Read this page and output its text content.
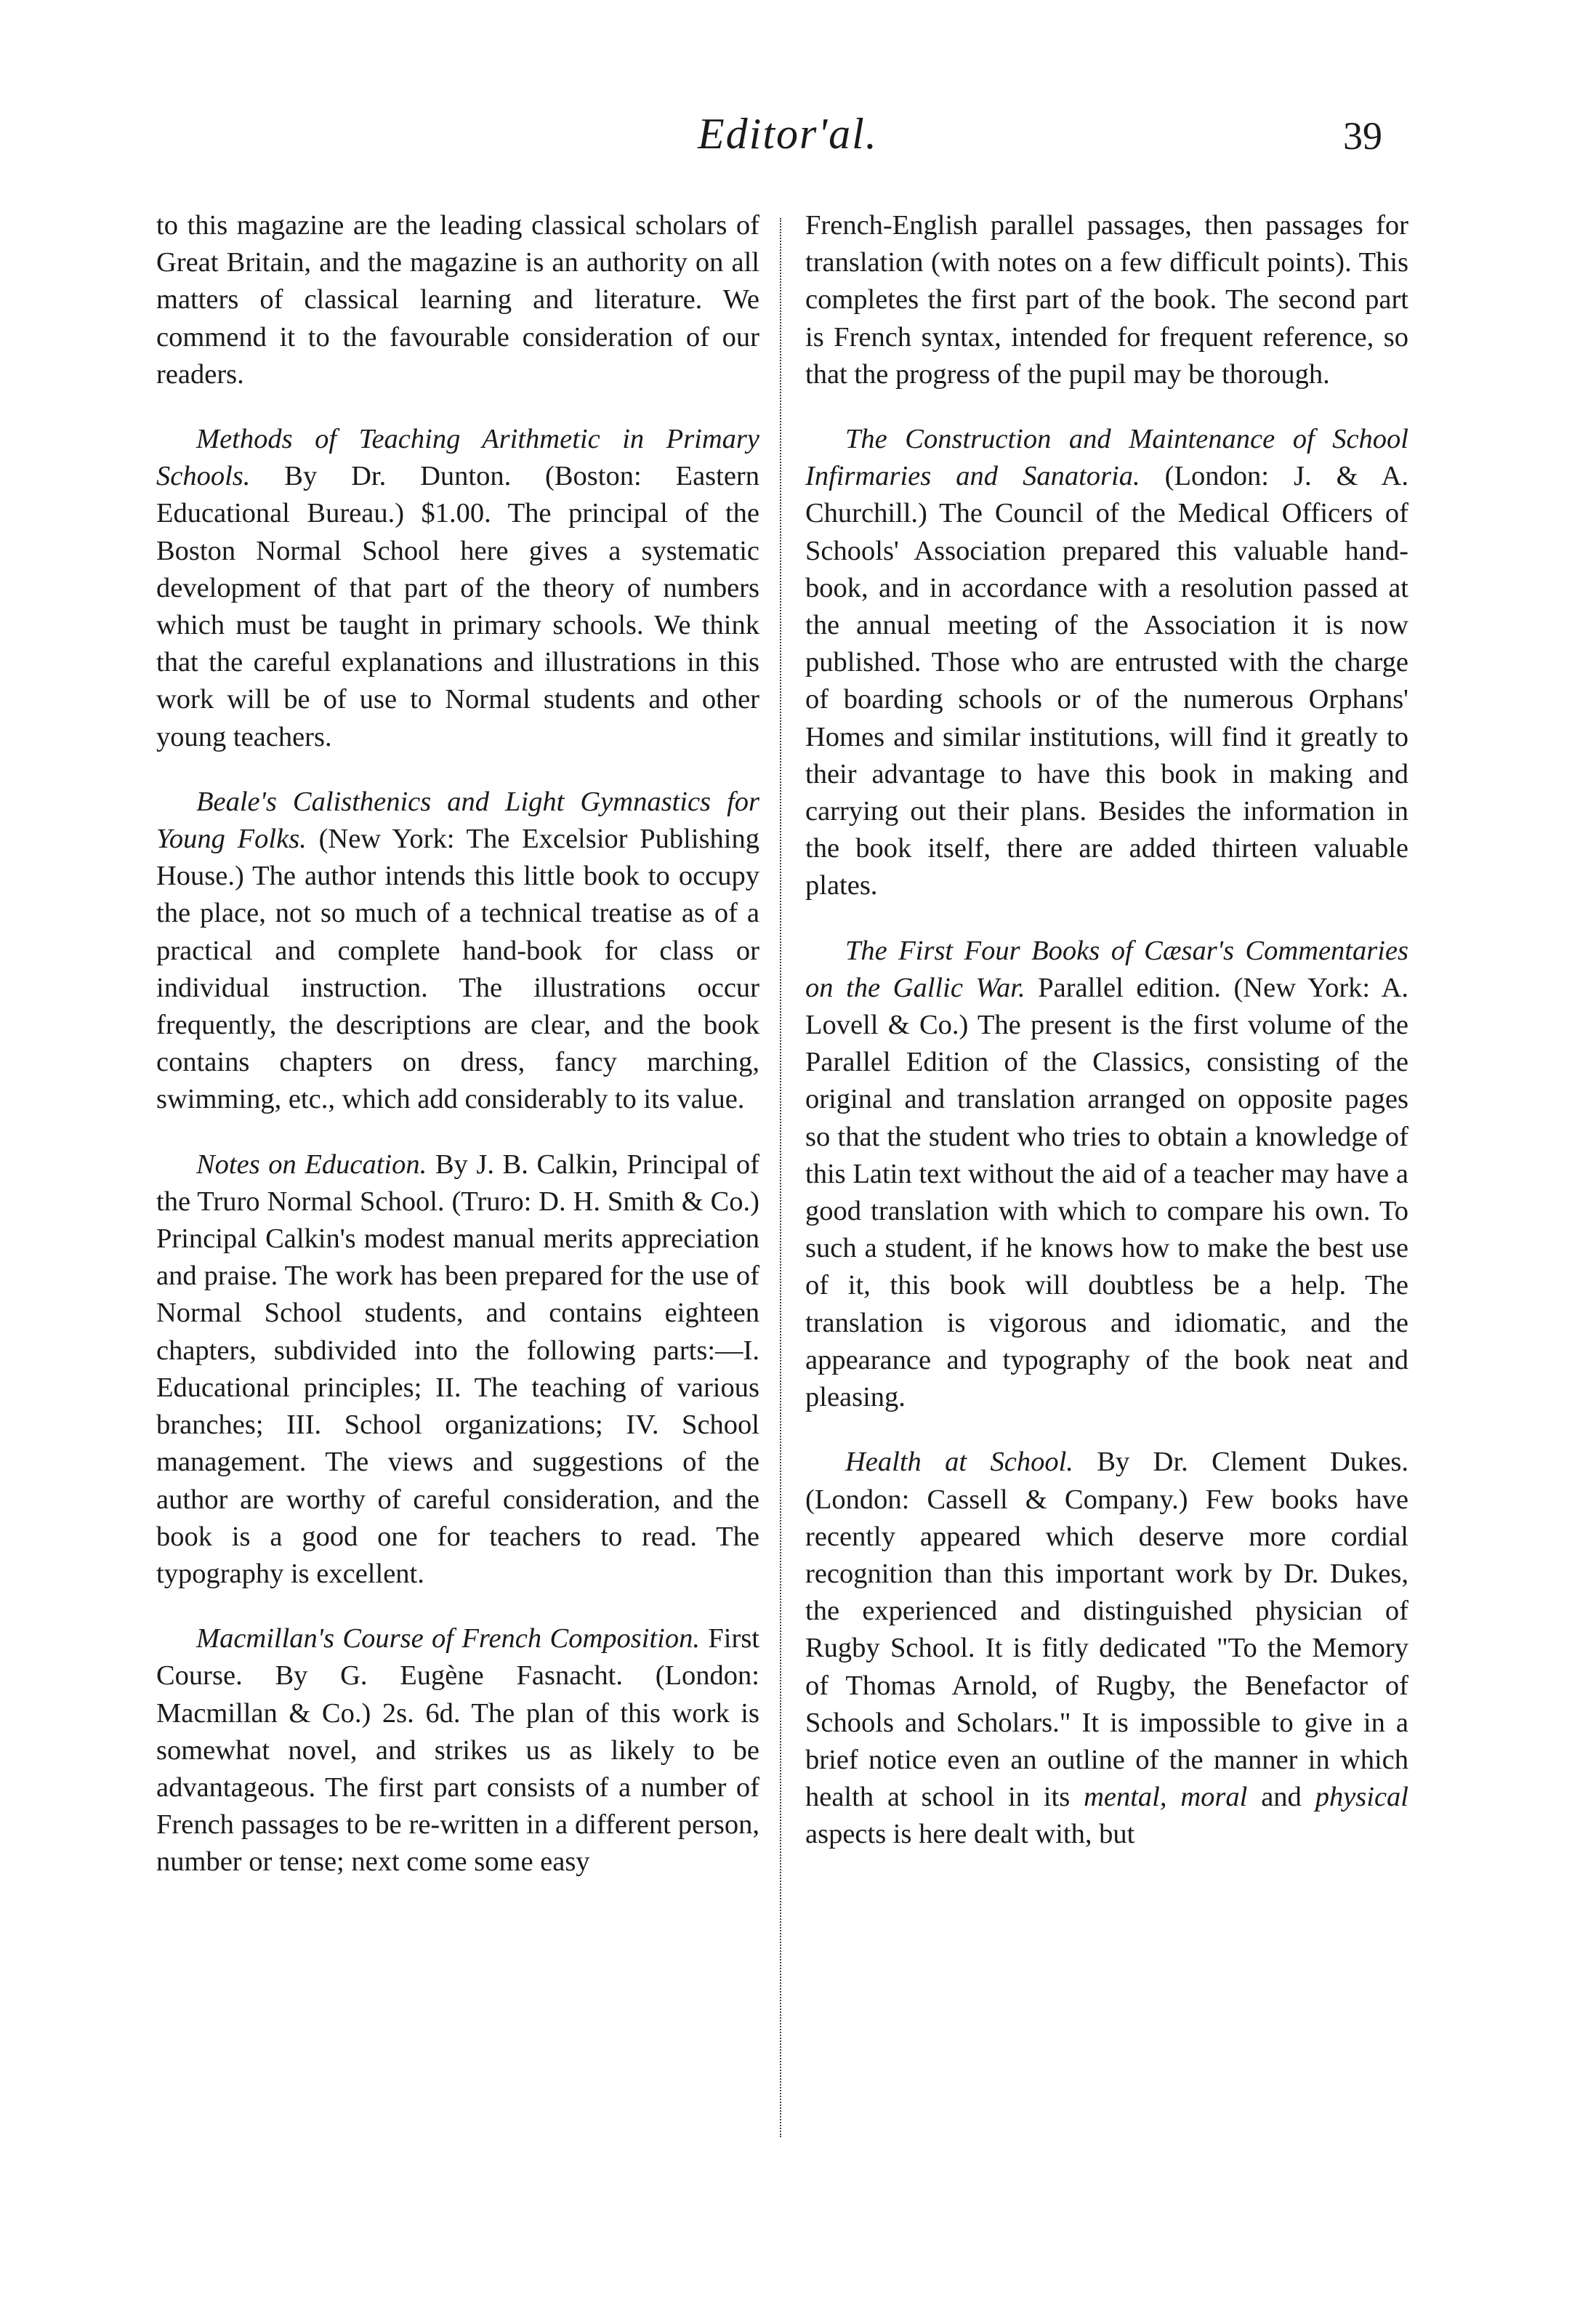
Editor'al.	39

to this magazine are the leading classical scholars of Great Britain, and the magazine is an authority on all matters of classical learning and literature. We commend it to the favourable consideration of our readers.

Methods of Teaching Arithmetic in Primary Schools. By Dr. Dunton. (Boston: Eastern Educational Bureau.) $1.00. The principal of the Boston Normal School here gives a systematic development of that part of the theory of numbers which must be taught in primary schools. We think that the careful explanations and illustrations in this work will be of use to Normal students and other young teachers.

Beale's Calisthenics and Light Gymnastics for Young Folks. (New York: The Excelsior Publishing House.) The author intends this little book to occupy the place, not so much of a technical treatise as of a practical and complete hand-book for class or individual instruction. The illustrations occur frequently, the descriptions are clear, and the book contains chapters on dress, fancy marching, swimming, etc., which add considerably to its value.

Notes on Education. By J. B. Calkin, Principal of the Truro Normal School. (Truro: D. H. Smith & Co.) Principal Calkin's modest manual merits appreciation and praise. The work has been prepared for the use of Normal School students, and contains eighteen chapters, subdivided into the following parts:—I. Educational principles; II. The teaching of various branches; III. School organizations; IV. School management. The views and suggestions of the author are worthy of careful consideration, and the book is a good one for teachers to read. The typography is excellent.

Macmillan's Course of French Composition. First Course. By G. Eugène Fasnacht. (London: Macmillan & Co.) 2s. 6d. The plan of this work is somewhat novel, and strikes us as likely to be advantageous. The first part consists of a number of French passages to be re-written in a different person, number or tense; next come some easy

French-English parallel passages, then passages for translation (with notes on a few difficult points). This completes the first part of the book. The second part is French syntax, intended for frequent reference, so that the progress of the pupil may be thorough.

The Construction and Maintenance of School Infirmaries and Sanatoria. (London: J. & A. Churchill.) The Council of the Medical Officers of Schools' Association prepared this valuable hand-book, and in accordance with a resolution passed at the annual meeting of the Association it is now published. Those who are entrusted with the charge of boarding schools or of the numerous Orphans' Homes and similar institutions, will find it greatly to their advantage to have this book in making and carrying out their plans. Besides the information in the book itself, there are added thirteen valuable plates.

The First Four Books of Cæsar's Commentaries on the Gallic War. Parallel edition. (New York: A. Lovell & Co.) The present is the first volume of the Parallel Edition of the Classics, consisting of the original and translation arranged on opposite pages so that the student who tries to obtain a knowledge of this Latin text without the aid of a teacher may have a good translation with which to compare his own. To such a student, if he knows how to make the best use of it, this book will doubtless be a help. The translation is vigorous and idiomatic, and the appearance and typography of the book neat and pleasing.

Health at School. By Dr. Clement Dukes. (London: Cassell & Company.) Few books have recently appeared which deserve more cordial recognition than this important work by Dr. Dukes, the experienced and distinguished physician of Rugby School. It is fitly dedicated "To the Memory of Thomas Arnold, of Rugby, the Benefactor of Schools and Scholars." It is impossible to give in a brief notice even an outline of the manner in which health at school in its mental, moral and physical aspects is here dealt with, but
